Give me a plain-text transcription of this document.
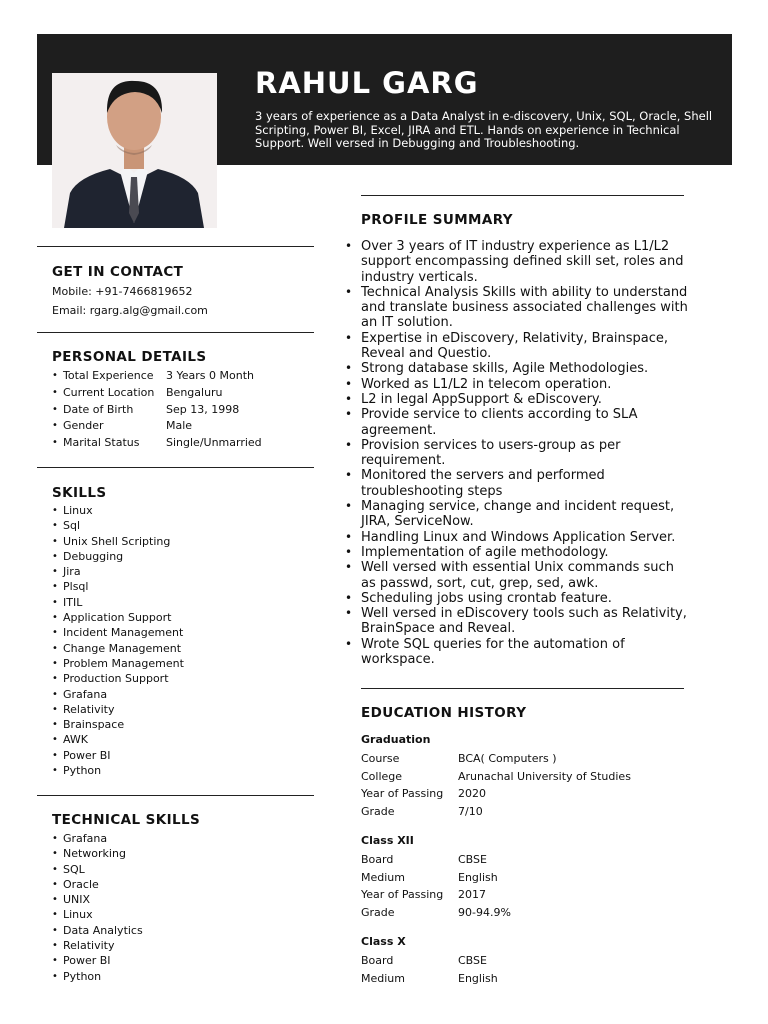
RAHUL GARG
3 years of experience as a Data Analyst in e-discovery, Unix, SQL, Oracle, Shell Scripting, Power BI, Excel, JIRA and ETL. Hands on experience in Technical Support. Well versed in Debugging and Troubleshooting.
GET IN CONTACT
Mobile: +91-7466819652
Email: rgarg.alg@gmail.com
PERSONAL DETAILS
• Total Experience 3 Years 0 Month
• Current Location Bengaluru
• Date of Birth	Sep 13, 1998
• Gender	Male
• Marital Status Single/Unmarried
SKILLS
• Linux
• Sql
• Unix Shell Scripting
• Debugging
• Jira
• Plsql
• ITIL
• Application Support
• Incident Management
• Change Management
• Problem Management
• Production Support
• Grafana
• Relativity
• Brainspace
• AWK
• Power BI
• Python
TECHNICAL SKILLS
• Grafana
• Networking
• SQL
• Oracle
• UNIX
• Linux
• Data Analytics
• Relativity
• Power BI
• Python
PROFILE SUMMARY
• Over 3 years of IT industry experience as L1/L2 support encompassing defined skill set, roles and industry verticals.
• Technical Analysis Skills with ability to understand and translate business associated challenges with an IT solution.
• Expertise in eDiscovery, Relativity, Brainspace, Reveal and Questio.
• Strong database skills, Agile Methodologies.
• Worked as L1/L2 in telecom operation.
• L2 in legal AppSupport & eDiscovery.
• Provide service to clients according to SLA agreement.
• Provision services to users-group as per requirement.
• Monitored the servers and performed troubleshooting steps
• Managing service, change and incident request, JIRA, ServiceNow.
• Handling Linux and Windows Application Server.
• Implementation of agile methodology.
• Well versed with essential Unix commands such as passwd, sort, cut, grep, sed, awk.
• Scheduling jobs using crontab feature.
• Well versed in eDiscovery tools such as Relativity, BrainSpace and Reveal.
• Wrote SQL queries for the automation of workspace.
EDUCATION HISTORY
Graduation
Course	BCA( Computers )
College	Arunachal University of Studies
Year of Passing 2020
Grade	7/10
Class XII
Board	CBSE
Medium	English
Year of Passing 2017
Grade	90-94.9%
Class X
Board	CBSE
Medium	English
